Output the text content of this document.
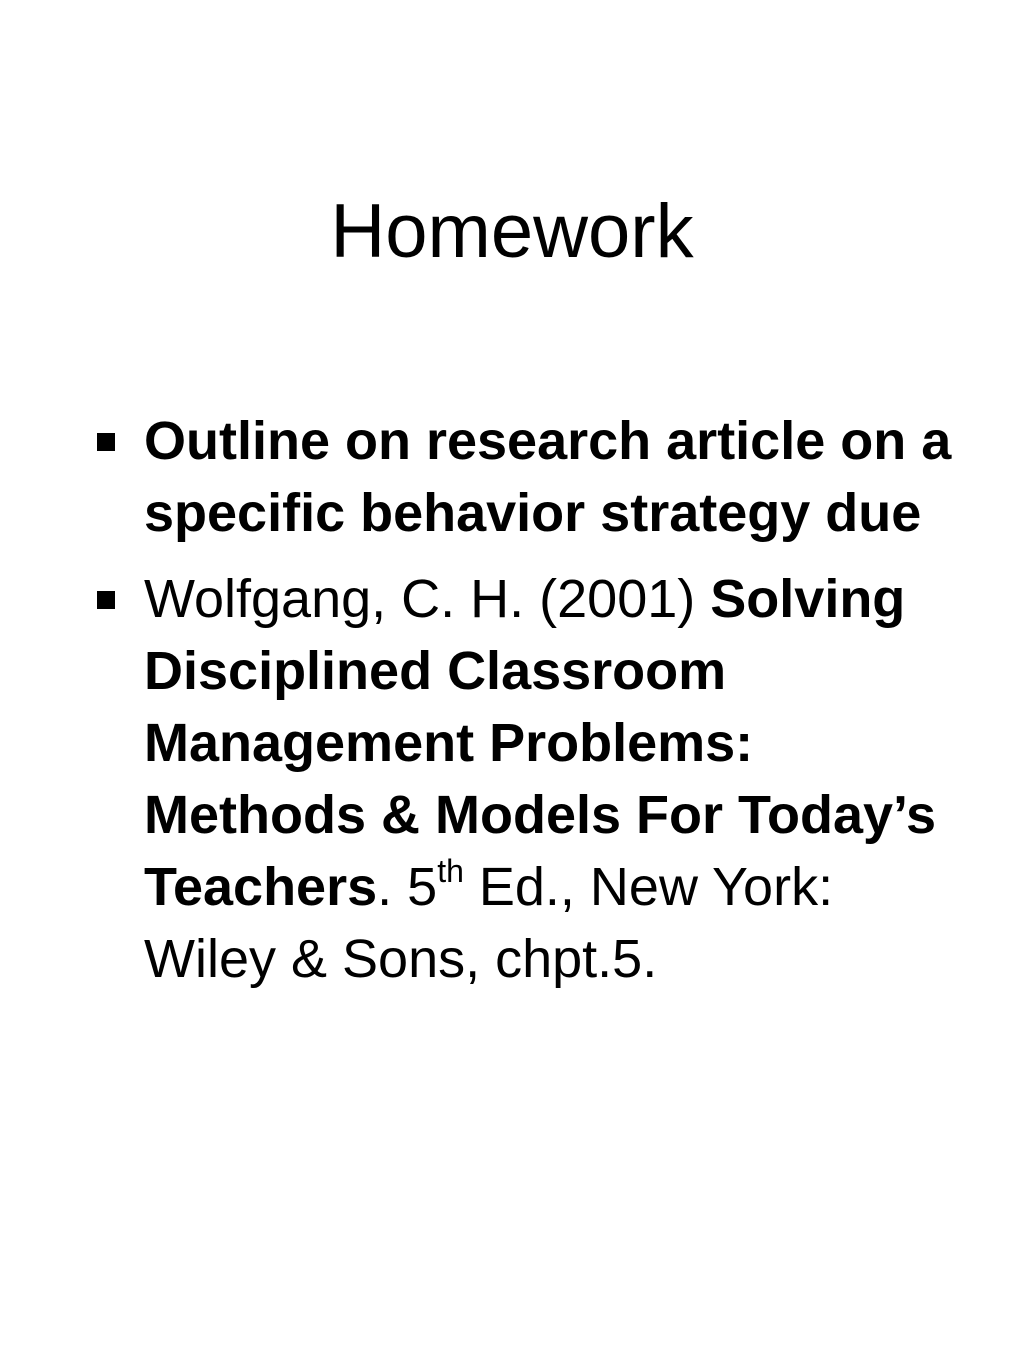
Homework
Outline on research article on a specific behavior strategy due
Wolfgang, C. H. (2001) Solving Disciplined Classroom Management Problems: Methods & Models For Today’s Teachers. 5th Ed., New York: Wiley & Sons, chpt.5.
